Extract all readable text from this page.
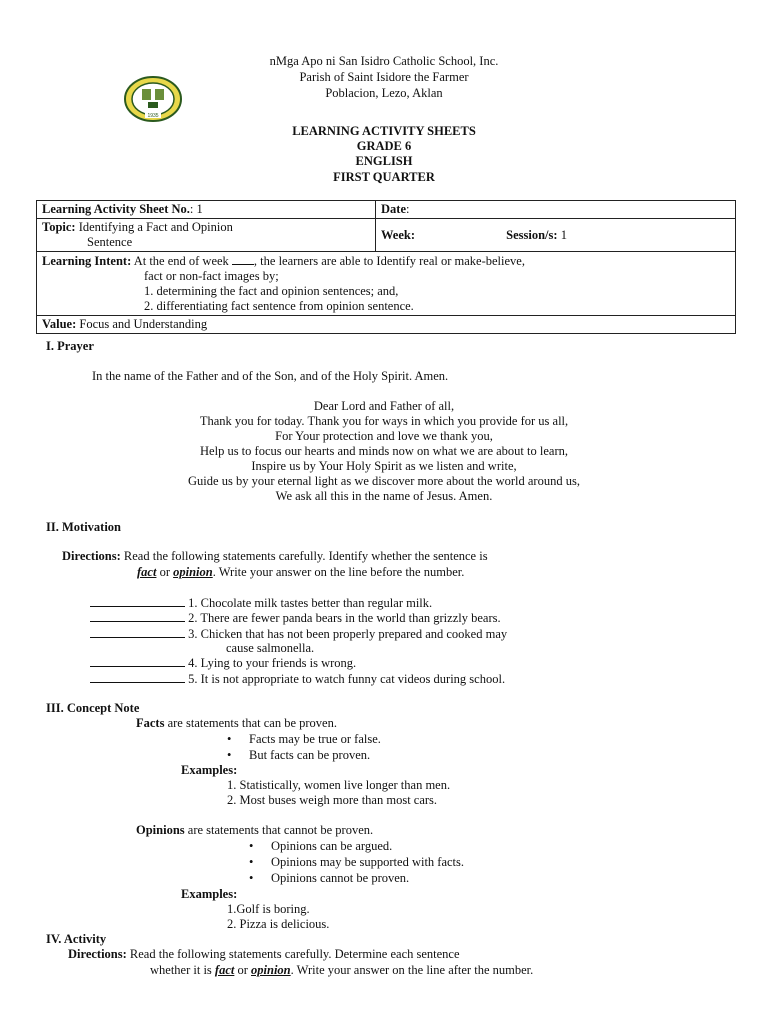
nMga Apo ni San Isidro Catholic School, Inc.
Parish of Saint Isidore the Farmer
Poblacion, Lezo, Aklan
1935
LEARNING ACTIVITY SHEETS
GRADE 6
ENGLISH
FIRST QUARTER
Learning Activity Sheet No.: 1	Date:
Topic: Identifying a Fact and Opinion
Sentence	Week: Session/s: 1
Learning Intent: At the end of week , the learners are able to Identify real or make-believe,
fact or non-fact images by;
1. determining the fact and opinion sentences; and,
2. differentiating fact sentence from opinion sentence.	
Value: Focus and Understanding	
I. Prayer
In the name of the Father and of the Son, and of the Holy Spirit. Amen.
Dear Lord and Father of all,
Thank you for today. Thank you for ways in which you provide for us all,
For Your protection and love we thank you,
Help us to focus our hearts and minds now on what we are about to learn,
Inspire us by Your Holy Spirit as we listen and write,
Guide us by your eternal light as we discover more about the world around us,
We ask all this in the name of Jesus. Amen.
II. Motivation
Directions: Read the following statements carefully. Identify whether the sentence is
fact or opinion. Write your answer on the line before the number.
1. Chocolate milk tastes better than regular milk.
2. There are fewer panda bears in the world than grizzly bears.
3. Chicken that has not been properly prepared and cooked may
cause salmonella.
4. Lying to your friends is wrong.
5. It is not appropriate to watch funny cat videos during school.
III. Concept Note
Facts are statements that can be proven.
• Facts may be true or false.
• But facts can be proven.
Examples:
1. Statistically, women live longer than men.
2. Most buses weigh more than most cars.
Opinions are statements that cannot be proven.
• Opinions can be argued.
• Opinions may be supported with facts.
• Opinions cannot be proven.
Examples:
1.Golf is boring.
2. Pizza is delicious.
IV. Activity
Directions: Read the following statements carefully. Determine each sentence
whether it is fact or opinion. Write your answer on the line after the number.
